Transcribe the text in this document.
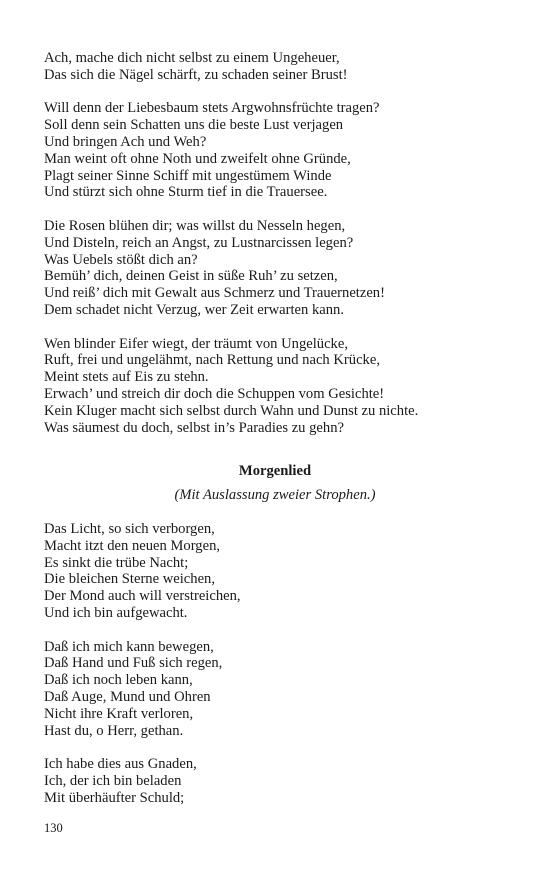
Ach, mache dich nicht selbst zu einem Ungeheuer,
Das sich die Nägel schärft, zu schaden seiner Brust!
Will denn der Liebesbaum stets Argwohnsfrüchte tragen?
Soll denn sein Schatten uns die beste Lust verjagen
Und bringen Ach und Weh?
Man weint oft ohne Noth und zweifelt ohne Gründe,
Plagt seiner Sinne Schiff mit ungestümem Winde
Und stürzt sich ohne Sturm tief in die Trauersee.
Die Rosen blühen dir; was willst du Nesseln hegen,
Und Disteln, reich an Angst, zu Lustnarcissen legen?
Was Uebels stößt dich an?
Bemüh’ dich, deinen Geist in süße Ruh’ zu setzen,
Und reiß’ dich mit Gewalt aus Schmerz und Trauernetzen!
Dem schadet nicht Verzug, wer Zeit erwarten kann.
Wen blinder Eifer wiegt, der träumt von Ungelücke,
Ruft, frei und ungelähmt, nach Rettung und nach Krücke,
Meint stets auf Eis zu stehn.
Erwach’ und streich dir doch die Schuppen vom Gesichte!
Kein Kluger macht sich selbst durch Wahn und Dunst zu nichte.
Was säumest du doch, selbst in’s Paradies zu gehn?
Morgenlied
(Mit Auslassung zweier Strophen.)
Das Licht, so sich verborgen,
Macht itzt den neuen Morgen,
Es sinkt die trübe Nacht;
Die bleichen Sterne weichen,
Der Mond auch will verstreichen,
Und ich bin aufgewacht.
Daß ich mich kann bewegen,
Daß Hand und Fuß sich regen,
Daß ich noch leben kann,
Daß Auge, Mund und Ohren
Nicht ihre Kraft verloren,
Hast du, o Herr, gethan.
Ich habe dies aus Gnaden,
Ich, der ich bin beladen
Mit überhäufter Schuld;
130
